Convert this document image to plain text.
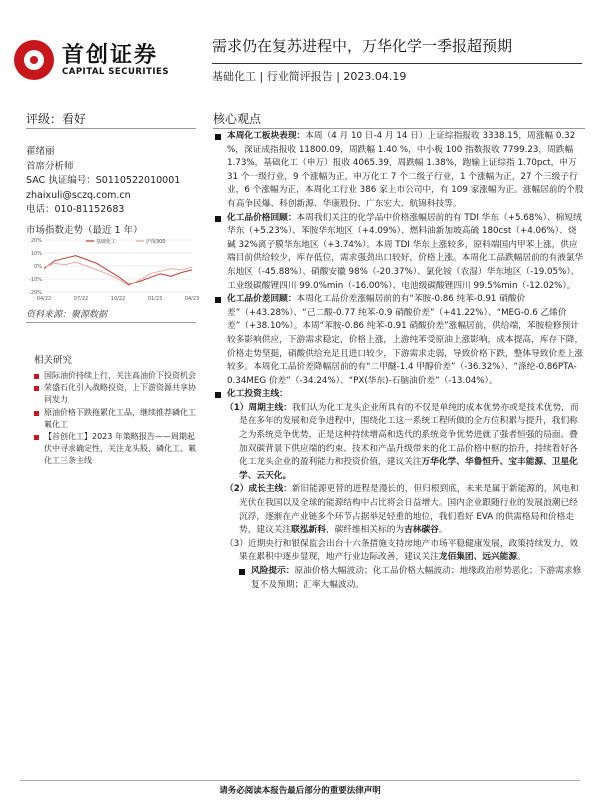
首创证券
CAPITAL SECURITIES
需求仍在复苏进程中，万华化学一季报超预期
基础化工 | 行业简评报告 | 2023.04.19
评级：看好	核心观点
翟绪丽
首席分析师
SAC 执证编号：S0110522010001
zhaixuli@sczq.com.cn
电话：010-81152683
市场指数走势（最近 1 年）
20%
10%
0%
-10%
-20%
04/22	07/22	10/22	01/23	04/23
基础化工	沪深300
资料来源：聚源数据
相关研究
国际油价持续上行，关注高油价下投资机会
荣盛石化引入战略投资，上下游资源共享协同发力
原油价格下跌拖累化工品，继续推荐磷化工氟化工
【首创化工】2023 年策略报告——周期起伏中寻求确定性，关注龙头股、磷化工、氟化工三条主线

本周化工板块表现：本周（4 月 10 日-4 月 14 日）上证综指报收 3338.15，周涨幅 0.32 %，深证成指报收 11800.09，周跌幅 1.40 %，中小板 100 指数报收 7799.23，周跌幅 1.73%，基础化工（申万）报收 4065.39，周跌幅 1.38%，跑输上证综指 1.70pct，申万 31 个一级行业，9 个涨幅为正，申万化工 7 个二级子行业，1 个涨幅为正，27 个三级子行业，6 个涨幅为正，本周化工行业 386 家上市公司中，有 109 家涨幅为正。涨幅居前的个股有高争民爆、科创新源、华康股份、广东宏大、航锦科技等。

化工品价格回顾：本周我们关注的化学品中价格涨幅居前的有 TDI 华东（+5.68%）、棉短绒华东（+5.23%）、苯胺华东地区（+4.09%）、燃料油新加坡高硫 180cst（+4.06%）、烧碱 32%离子膜华东地区（+3.74%）。本周 TDI 华东上涨较多，原料端国内甲苯上涨，供应端目前供给较少，库存低位，需求强劲出口较好，价格上涨。本周化工品跌幅居前的有液氯华东地区（-45.88%）、硝酸安徽 98%（-20.37%）、氯化铵（农湿）华东地区（-19.05%）、工业级碳酸锂四川 99.0%min（-16.00%）、电池级碳酸锂四川 99.5%min（-12.02%）。

化工品价差回顾：本周化工品价差涨幅居前的有“苯胺-0.86 纯苯-0.91 硝酸价差”（+43.28%）、“己二酸-0.77 纯苯-0.9 硝酸价差”（+41.22%）、“MEG-0.6 乙烯价差”（+38.10%）。本周“苯胺-0.86 纯苯-0.91 硝酸价差”涨幅居前，供给端，苯胺检修预计较多影响供应，下游需求稳定，价格上涨，上游纯苯受原油上涨影响，成本提高，库存下降，价格走势坚挺，硝酸供给充足且进口较少，下游需求走弱，导致价格下跌，整体导致价差上涨较多。本周化工品价差降幅居前的有“二甲醚-1.4 甲醇价差”（-36.32%）、“涤纶-0.86PTA-0.34MEG 价差”（-34.24%）、“PX(华东)-石脑油价差”（-13.04%）。

化工投资主线：

（1）周期主线：我们认为化工龙头企业所具有的不仅是单纯的成本优势亦或是技术优势，而是在多年的发展和竞争进程中，围绕化工这一系统工程所做的全方位积累与提升，我们称之为系统竞争优势，正是这种持续增高和迭代的系统竞争优势进就了强者恒强的局面。叠加双碳背景下供应端的约束、技术和产品升级带来的化工品价格中枢的抬升，持续看好各化工龙头企业的盈利能力和投资价值，建议关注万华化学、华鲁恒升、宝丰能源、卫星化学、云天化。

（2）成长主线：新旧能源更替的进程是漫长的，但归根到底，未来是属于新能源的，风电和光伏在我国以及全球的能源结构中占比将会日益增大。国内企业跟随行业的发展浪潮已经沉浮，逐渐在产业链多个环节占据举足轻重的地位，我们看好 EVA 的供需格局和价格走势，建议关注联泓新科，碳纤维相关标的为吉林碳谷。

（3）近期央行和银保监会出台十六条措施支持房地产市场平稳健康发展，政策持续发力，效果在累积中逐步显现，地产行业边际改善，建议关注龙佰集团、远兴能源。

风险提示：原油价格大幅波动；化工品价格大幅波动；地缘政治形势恶化；下游需求修复不及预期；汇率大幅波动。

请务必阅读本报告最后部分的重要法律声明
